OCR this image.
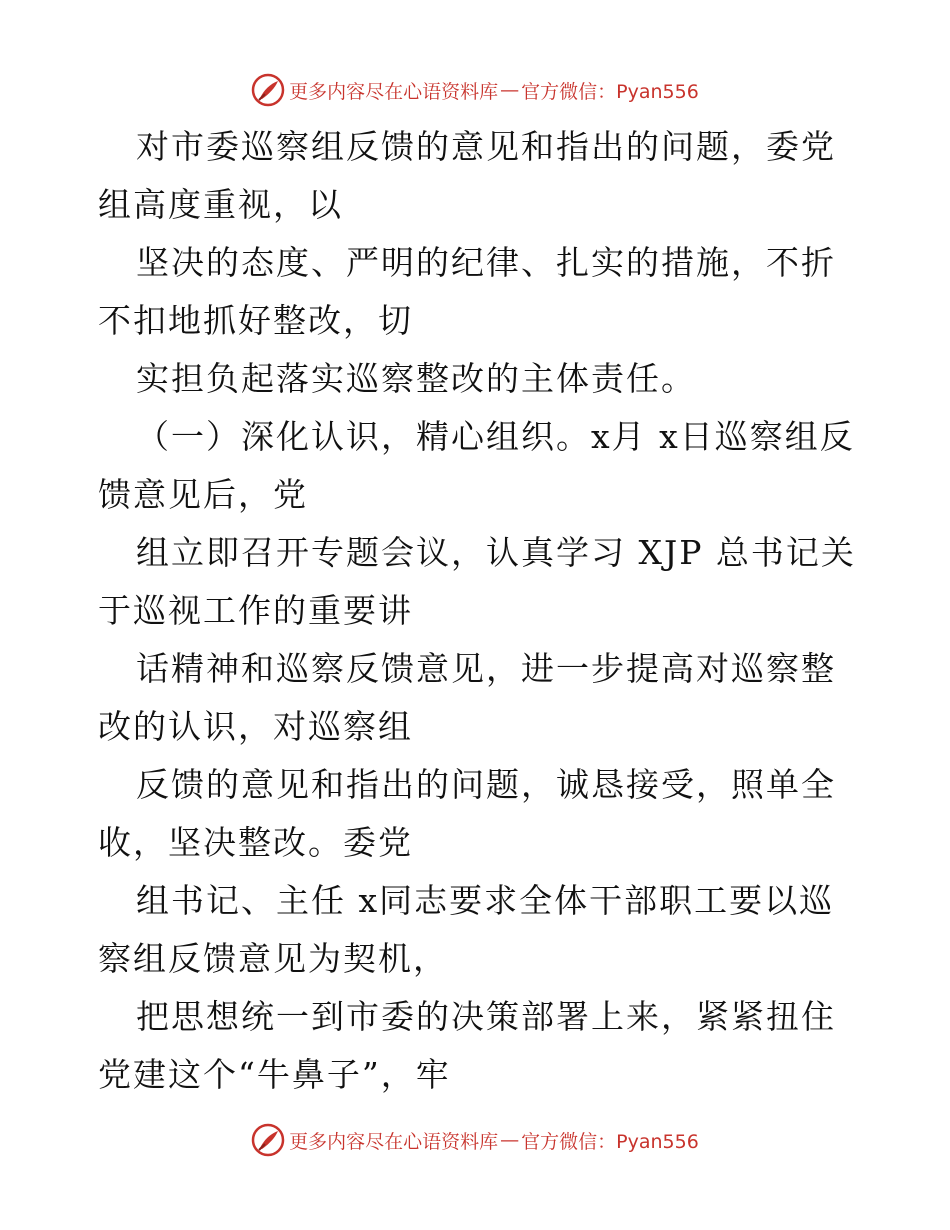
更多内容尽在心语资料库 — 官方微信：Pyan556

对市委巡察组反馈的意见和指出的问题，委党组高度重视，以

坚决的态度、严明的纪律、扎实的措施，不折不扣地抓好整改，切

实担负起落实巡察整改的主体责任。

（一）深化认识，精心组织。x月 x日巡察组反馈意见后，党

组立即召开专题会议，认真学习 XJP 总书记关于巡视工作的重要讲

话精神和巡察反馈意见，进一步提高对巡察整改的认识，对巡察组

反馈的意见和指出的问题，诚恳接受，照单全收，坚决整改。委党

组书记、主任 x同志要求全体干部职工要以巡察组反馈意见为契机，

把思想统一到市委的决策部署上来，紧紧扭住党建这个“牛鼻子”，牢

更多内容尽在心语资料库 — 官方微信：Pyan556
